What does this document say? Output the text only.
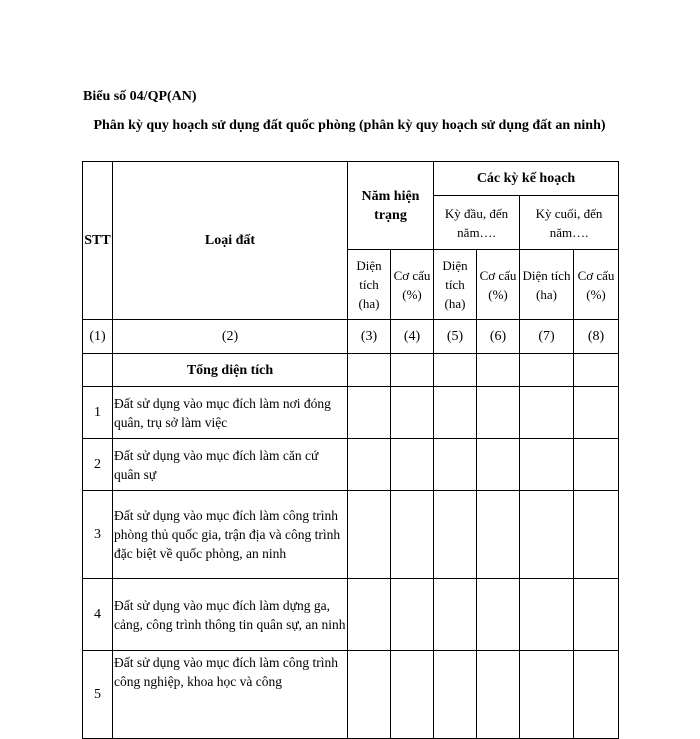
Biểu số 04/QP(AN)
Phân kỳ quy hoạch sử dụng đất quốc phòng (phân kỳ quy hoạch sử dụng đất an ninh)
STT	Loại đất	Năm hiện trạng		Các kỳ kế hoạch			
				Kỳ đầu, đến năm….		Kỳ cuối, đến năm….	
		Diện tích (ha)	Cơ cấu (%)	Diện tích (ha)	Cơ cấu (%)	Diện tích (ha)	Cơ cấu (%)
(1)	(2)	(3)	(4)	(5)	(6)	(7)	(8)
	Tổng diện tích						
1	Đất sử dụng vào mục đích làm nơi đóng quân, trụ sở làm việc						
2	Đất sử dụng vào mục đích làm căn cứ quân sự						
3	Đất sử dụng vào mục đích làm công trình phòng thủ quốc gia, trận địa và công trình đặc biệt về quốc phòng, an ninh						
4	Đất sử dụng vào mục đích làm dựng ga, cảng, công trình thông tin quân sự, an ninh						
5	Đất sử dụng vào mục đích làm công trình công nghiệp, khoa học và công						
